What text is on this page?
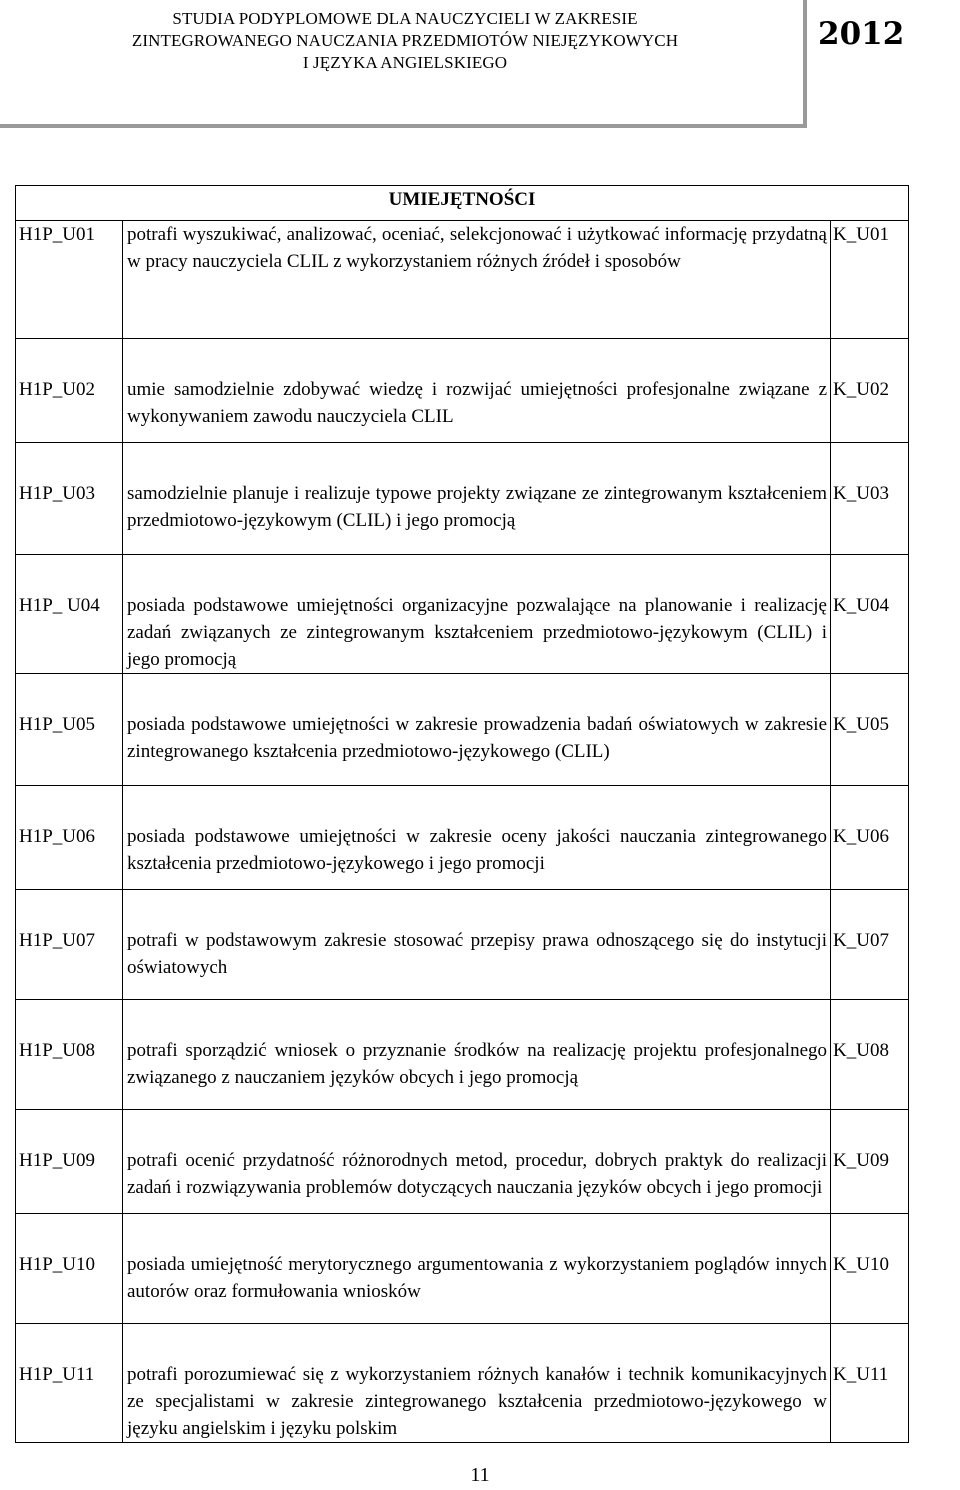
STUDIA PODYPLOMOWE DLA NAUCZYCIELI W ZAKRESIE
ZINTEGROWANEGO NAUCZANIA PRZEDMIOTÓW NIEJĘZYKOWYCH
I JĘZYKA ANGIELSKIEGO
2012
UMIEJĘTNOŚCI		
H1P_U01	potrafi wyszukiwać, analizować, oceniać, selekcjonować i użytkować informację przydatną w pracy nauczyciela CLIL z wykorzystaniem różnych źródeł i sposobów	K_U01
H1P_U02	umie samodzielnie zdobywać wiedzę i rozwijać umiejętności profesjonalne związane z wykonywaniem zawodu nauczyciela CLIL	K_U02
H1P_U03	samodzielnie planuje i realizuje typowe projekty związane ze zintegrowanym kształceniem przedmiotowo-językowym (CLIL) i jego promocją	K_U03
H1P_ U04	posiada podstawowe umiejętności organizacyjne pozwalające na planowanie i realizację zadań związanych ze zintegrowanym kształceniem przedmiotowo-językowym (CLIL) i jego promocją	K_U04
H1P_U05	posiada podstawowe umiejętności w zakresie prowadzenia badań oświatowych w zakresie zintegrowanego kształcenia przedmiotowo-językowego (CLIL)	K_U05
H1P_U06	posiada podstawowe umiejętności w zakresie oceny jakości nauczania zintegrowanego kształcenia przedmiotowo-językowego i jego promocji	K_U06
H1P_U07	potrafi w podstawowym zakresie stosować przepisy prawa odnoszącego się do instytucji oświatowych	K_U07
H1P_U08	potrafi sporządzić wniosek o przyznanie środków na realizację projektu profesjonalnego związanego z nauczaniem języków obcych i jego promocją	K_U08
H1P_U09	potrafi ocenić przydatność różnorodnych metod, procedur, dobrych praktyk do realizacji zadań i rozwiązywania problemów dotyczących nauczania języków obcych i jego promocji	K_U09
H1P_U10	posiada umiejętność merytorycznego argumentowania z wykorzystaniem poglądów innych autorów oraz formułowania wniosków	K_U10
H1P_U11	potrafi porozumiewać się z wykorzystaniem różnych kanałów i technik komunikacyjnych ze specjalistami w zakresie zintegrowanego kształcenia przedmiotowo-językowego w języku angielskim i języku polskim	K_U11
11
